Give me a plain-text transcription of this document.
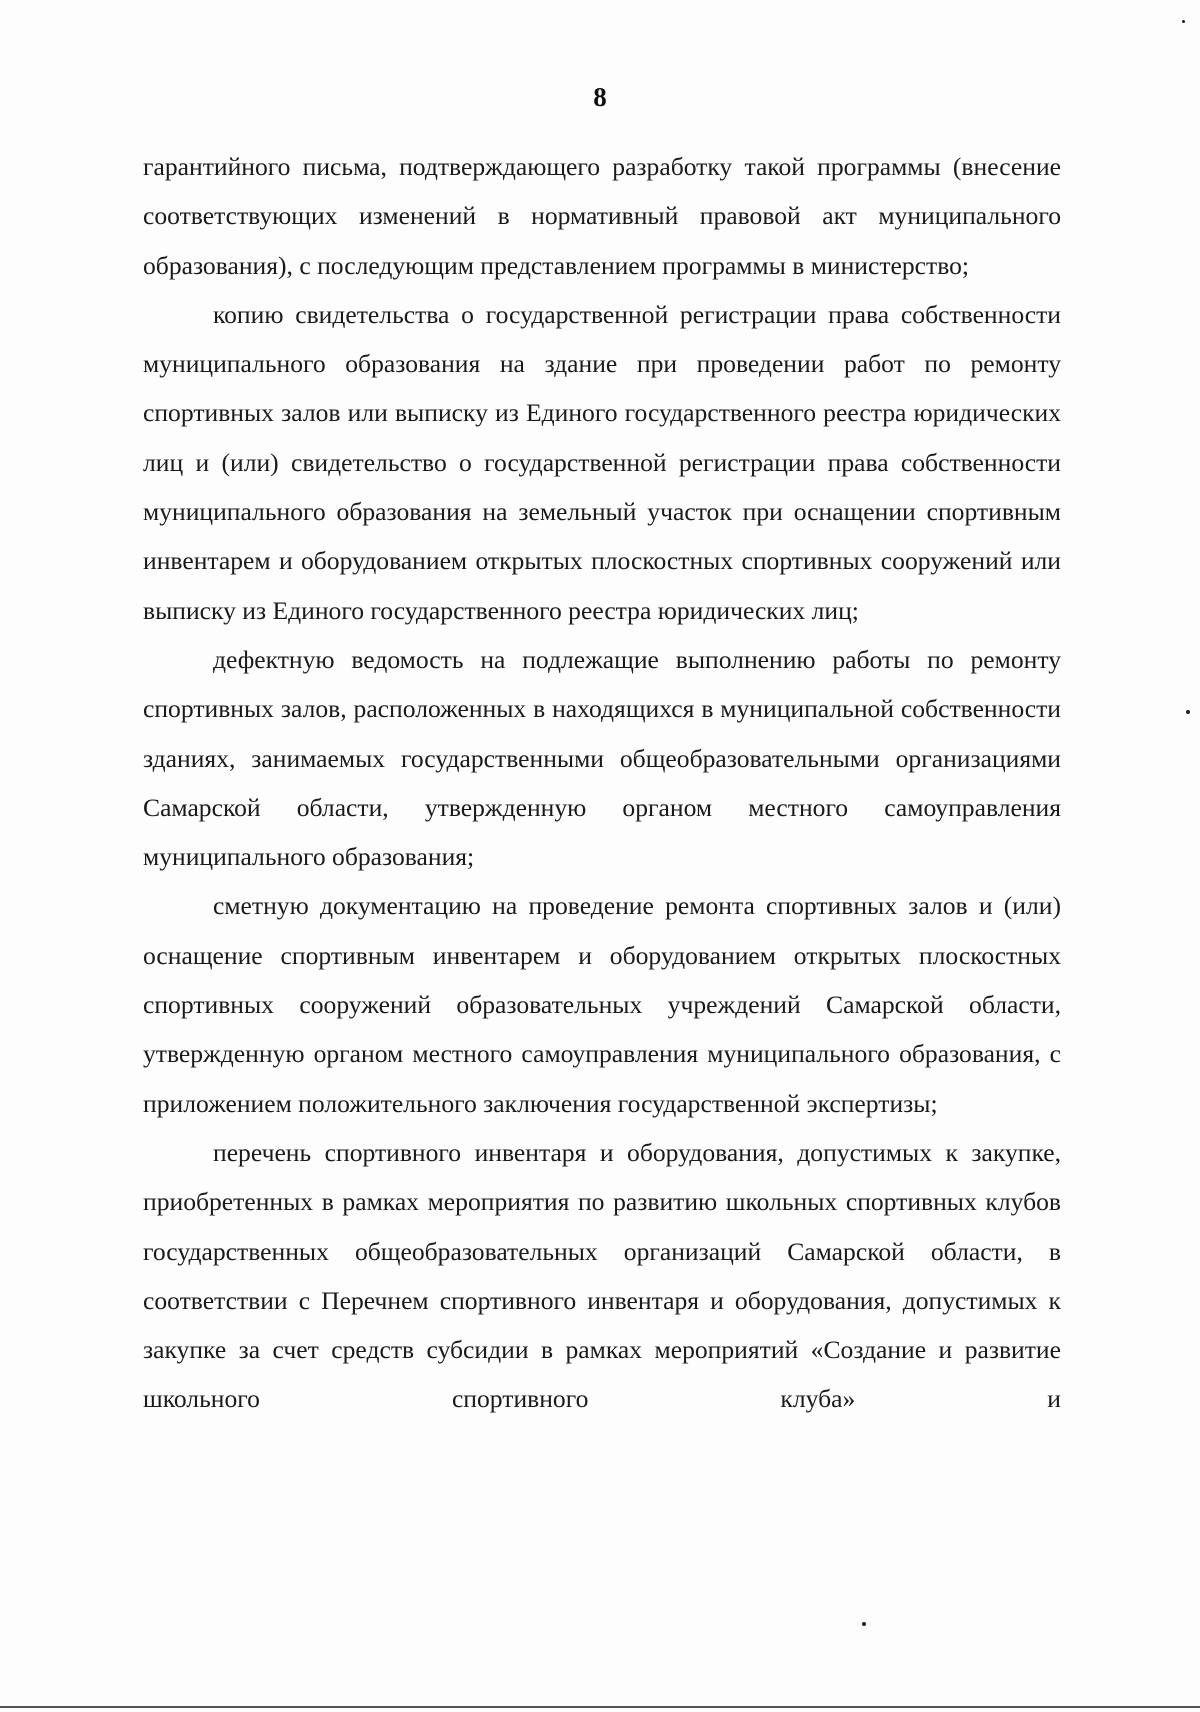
8

гарантийного письма, подтверждающего разработку такой программы (внесение соответствующих изменений в нормативный правовой акт муниципального образования), с последующим представлением программы в министерство;

копию свидетельства о государственной регистрации права собственности муниципального образования на здание при проведении работ по ремонту спортивных залов или выписку из Единого государственного реестра юридических лиц и (или) свидетельство о государственной регистрации права собственности муниципального образования на земельный участок при оснащении спортивным инвентарем и оборудованием открытых плоскостных спортивных сооружений или выписку из Единого государственного реестра юридических лиц;

дефектную ведомость на подлежащие выполнению работы по ремонту спортивных залов, расположенных в находящихся в муниципальной собственности зданиях, занимаемых государственными общеобразовательными организациями Самарской области, утвержденную органом местного самоуправления муниципального образования;

сметную документацию на проведение ремонта спортивных залов и (или) оснащение спортивным инвентарем и оборудованием открытых плоскостных спортивных сооружений образовательных учреждений Самарской области, утвержденную органом местного самоуправления муниципального образования, с приложением положительного заключения государственной экспертизы;

перечень спортивного инвентаря и оборудования, допустимых к закупке, приобретенных в рамках мероприятия по развитию школьных спортивных клубов государственных общеобразовательных организаций Самарской области, в соответствии с Перечнем спортивного инвентаря и оборудования, допустимых к закупке за счет средств субсидии в рамках мероприятий «Создание и развитие школьного спортивного клуба» и
